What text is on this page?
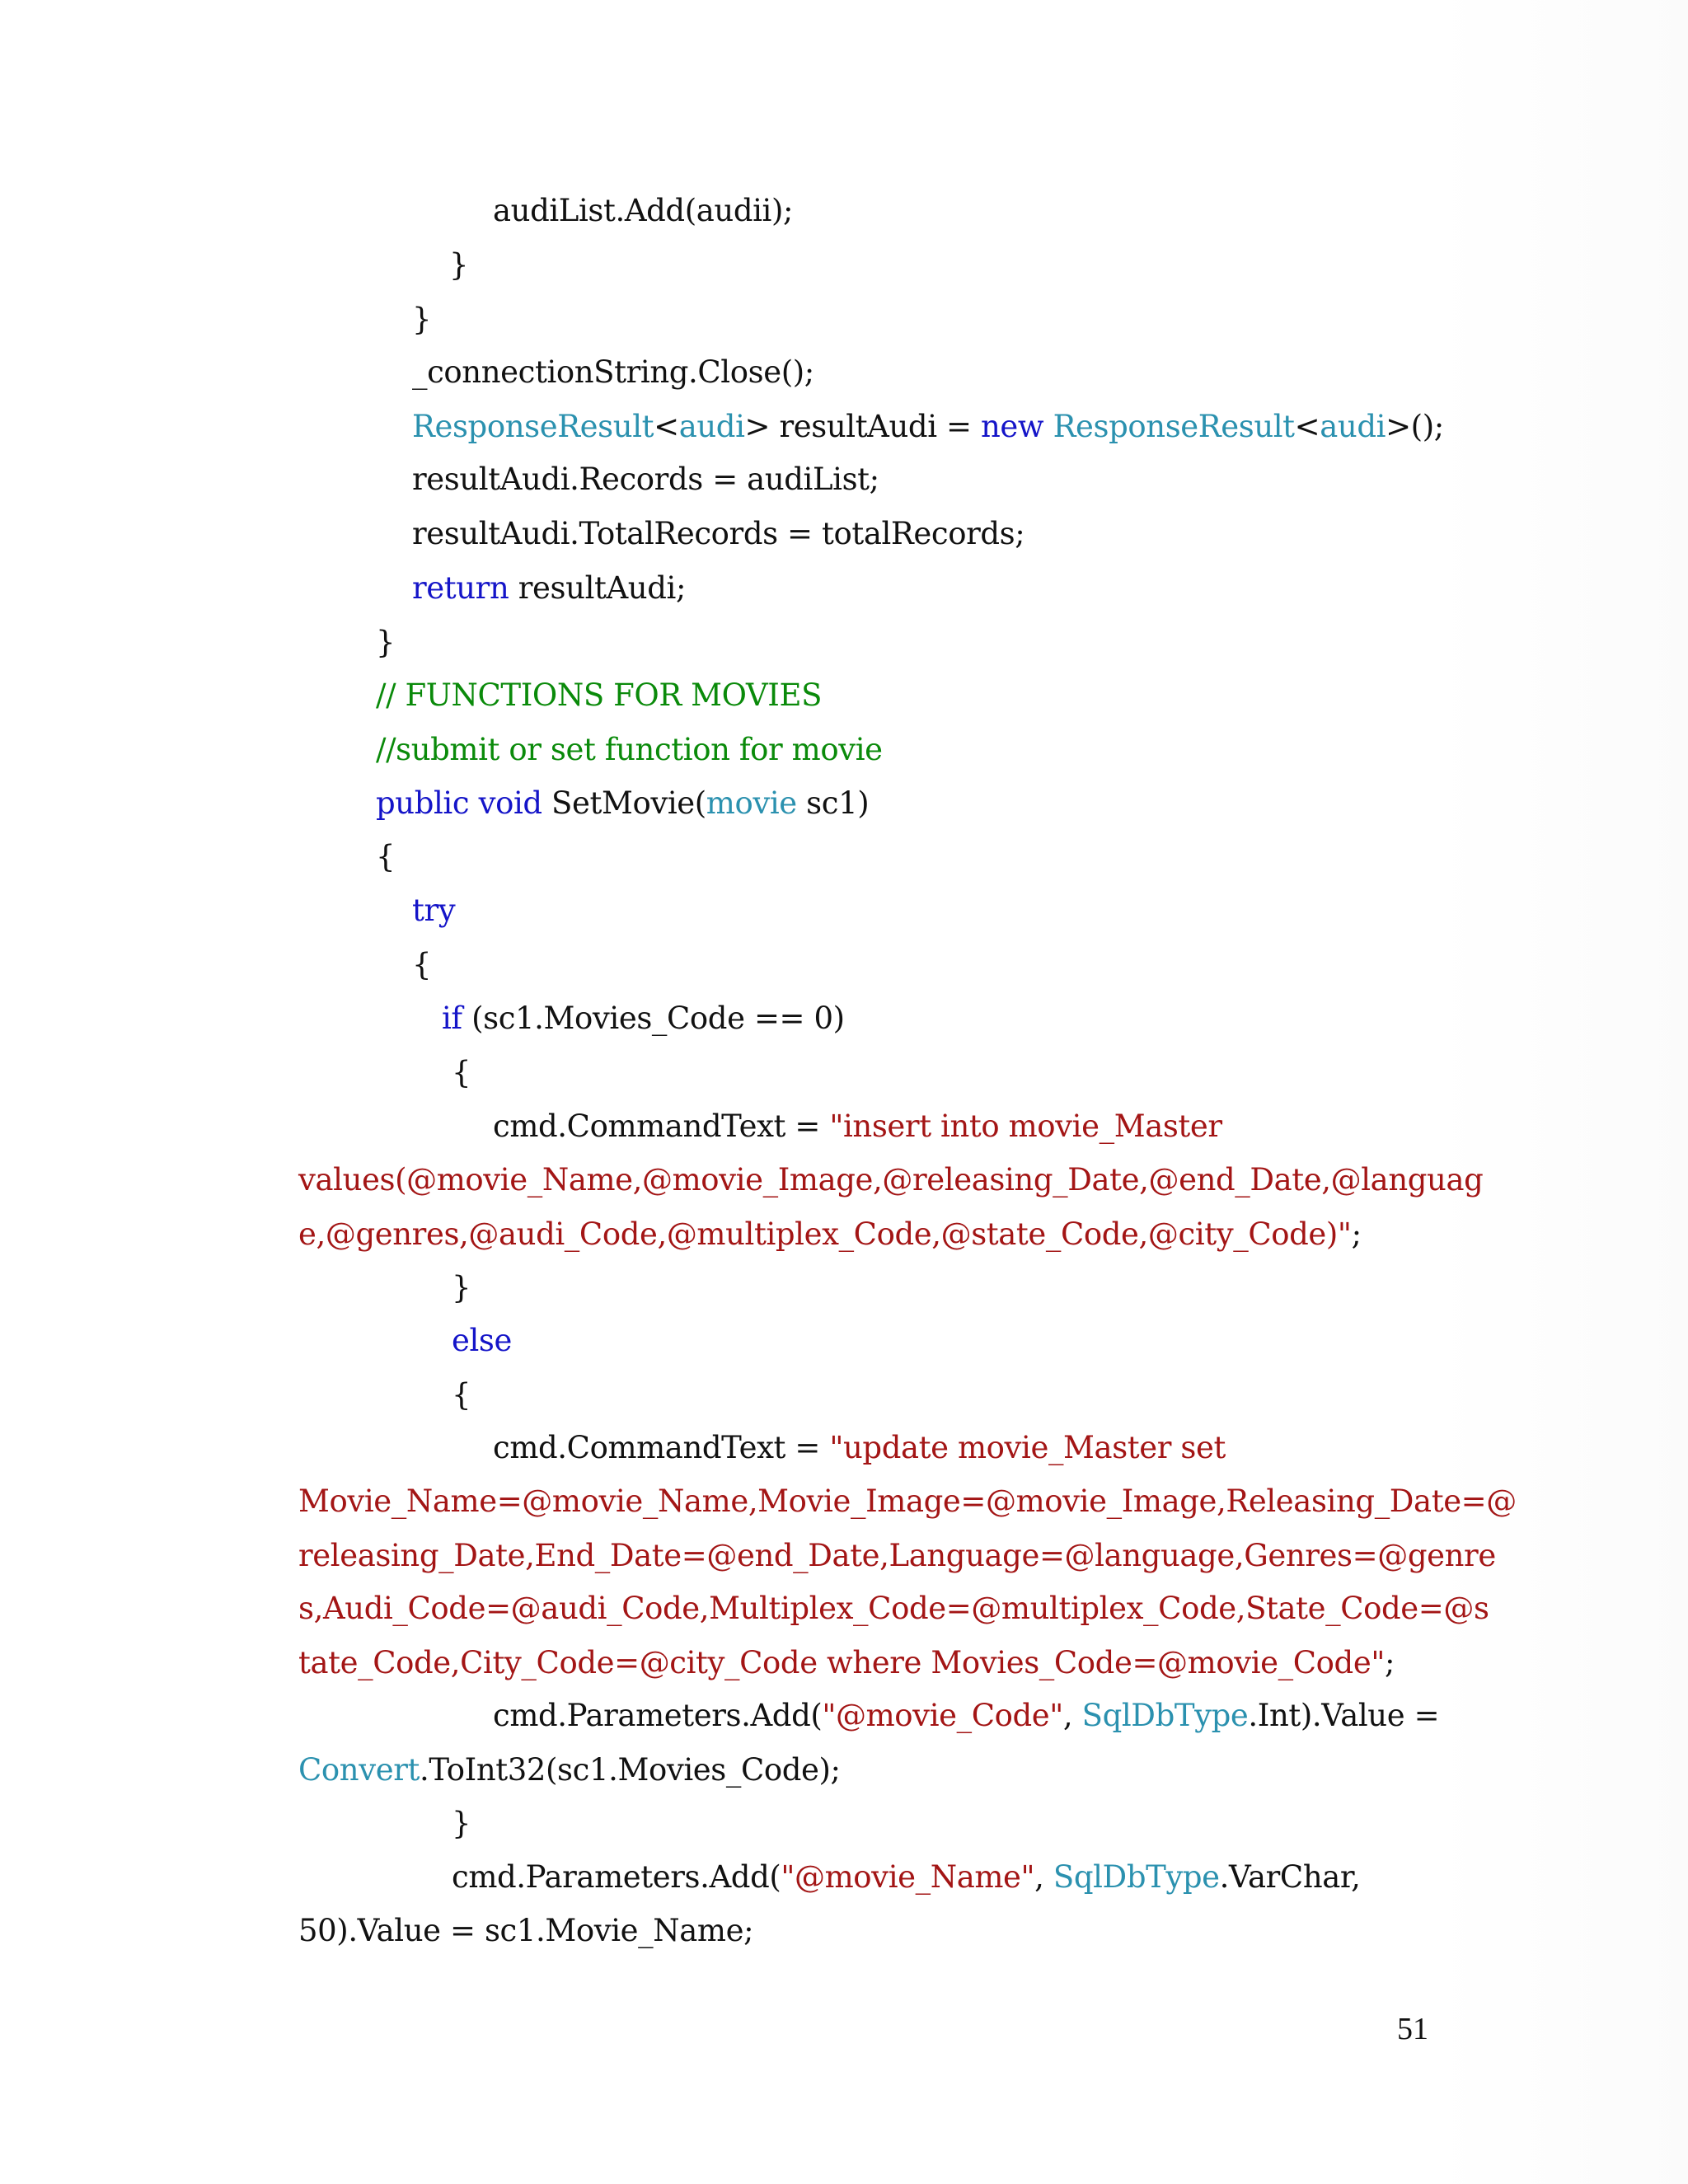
audiList.Add(audii);
}
}
_connectionString.Close();
ResponseResult<audi> resultAudi = new ResponseResult<audi>();
resultAudi.Records = audiList;
resultAudi.TotalRecords = totalRecords;
return resultAudi;
}
// FUNCTIONS FOR MOVIES
//submit or set function for movie
public void SetMovie(movie sc1)
{
try
{
if (sc1.Movies_Code == 0)
{
cmd.CommandText = "insert into movie_Master
values(@movie_Name,@movie_Image,@releasing_Date,@end_Date,@languag
e,@genres,@audi_Code,@multiplex_Code,@state_Code,@city_Code)";
}
else
{
cmd.CommandText = "update movie_Master set
Movie_Name=@movie_Name,Movie_Image=@movie_Image,Releasing_Date=@
releasing_Date,End_Date=@end_Date,Language=@language,Genres=@genre
s,Audi_Code=@audi_Code,Multiplex_Code=@multiplex_Code,State_Code=@s
tate_Code,City_Code=@city_Code where Movies_Code=@movie_Code";
cmd.Parameters.Add("@movie_Code", SqlDbType.Int).Value =
Convert.ToInt32(sc1.Movies_Code);
}
cmd.Parameters.Add("@movie_Name", SqlDbType.VarChar,
50).Value = sc1.Movie_Name;
51
